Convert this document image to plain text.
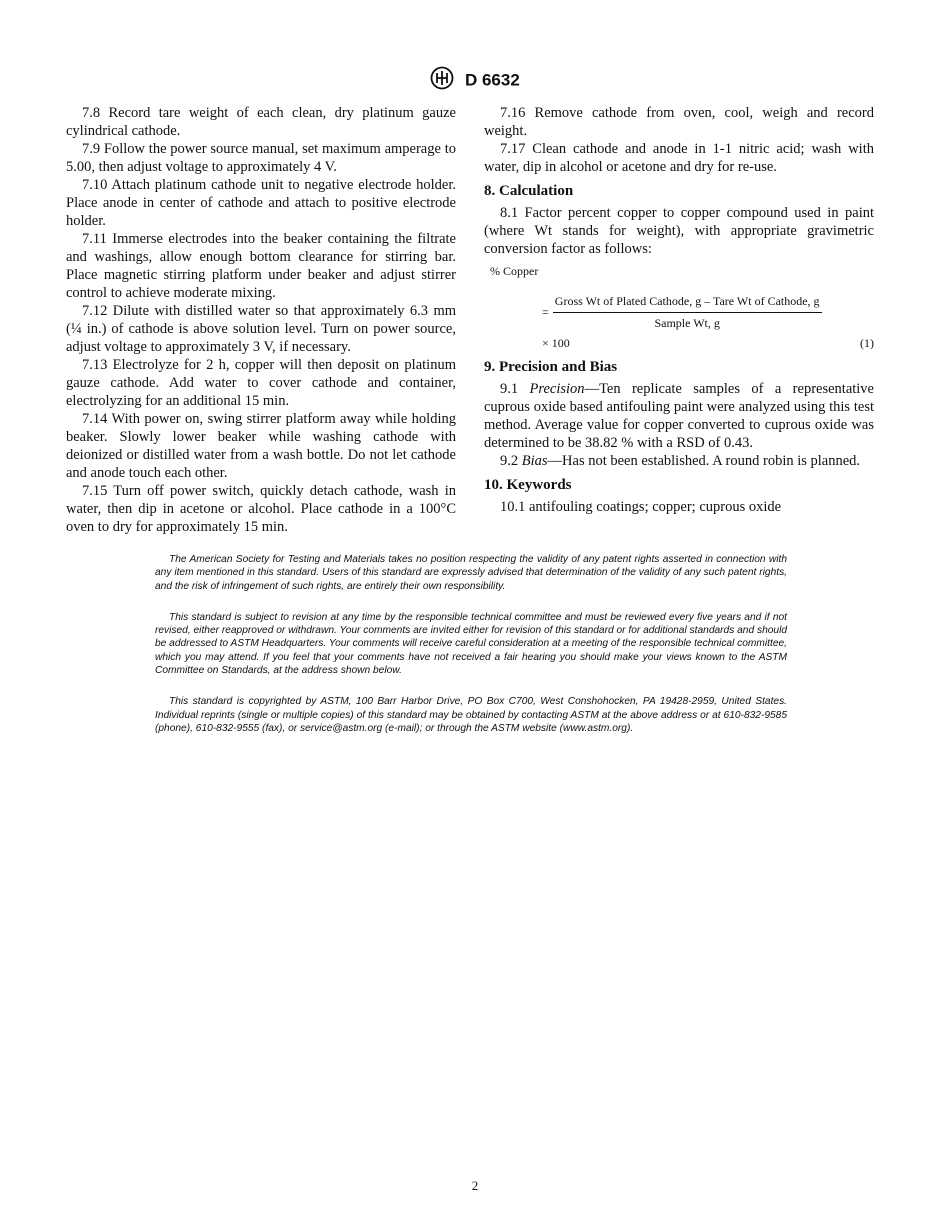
D 6632

7.8 Record tare weight of each clean, dry platinum gauze cylindrical cathode.

7.9 Follow the power source manual, set maximum amperage to 5.00, then adjust voltage to approximately 4 V.

7.10 Attach platinum cathode unit to negative electrode holder. Place anode in center of cathode and attach to positive electrode holder.

7.11 Immerse electrodes into the beaker containing the filtrate and washings, allow enough bottom clearance for stirring bar. Place magnetic stirring platform under beaker and adjust stirrer control to achieve moderate mixing.

7.12 Dilute with distilled water so that approximately 6.3 mm (¼ in.) of cathode is above solution level. Turn on power source, adjust voltage to approximately 3 V, if necessary.

7.13 Electrolyze for 2 h, copper will then deposit on platinum gauze cathode. Add water to cover cathode and container, electrolyzing for an additional 15 min.

7.14 With power on, swing stirrer platform away while holding beaker. Slowly lower beaker while washing cathode with deionized or distilled water from a wash bottle. Do not let cathode and anode touch each other.

7.15 Turn off power switch, quickly detach cathode, wash in water, then dip in acetone or alcohol. Place cathode in a 100°C oven to dry for approximately 15 min.

7.16 Remove cathode from oven, cool, weigh and record weight.

7.17 Clean cathode and anode in 1-1 nitric acid; wash with water, dip in alcohol or acetone and dry for re-use.

8. Calculation

8.1 Factor percent copper to copper compound used in paint (where Wt stands for weight), with appropriate gravimetric conversion factor as follows:

% Copper
= $\frac{\text{Gross Wt of Plated Cathode, g – Tare Wt of Cathode, g}}{\text{Sample Wt, g}}$
× 100	(1)
9. Precision and Bias

9.1 Precision—Ten replicate samples of a representative cuprous oxide based antifouling paint were analyzed using this test method. Average value for copper converted to cuprous oxide was determined to be 38.82 % with a RSD of 0.43.

9.2 Bias—Has not been established. A round robin is planned.

10. Keywords

10.1 antifouling coatings; copper; cuprous oxide

The American Society for Testing and Materials takes no position respecting the validity of any patent rights asserted in connection with any item mentioned in this standard. Users of this standard are expressly advised that determination of the validity of any such patent rights, and the risk of infringement of such rights, are entirely their own responsibility.

This standard is subject to revision at any time by the responsible technical committee and must be reviewed every five years and if not revised, either reapproved or withdrawn. Your comments are invited either for revision of this standard or for additional standards and should be addressed to ASTM Headquarters. Your comments will receive careful consideration at a meeting of the responsible technical committee, which you may attend. If you feel that your comments have not received a fair hearing you should make your views known to the ASTM Committee on Standards, at the address shown below.

This standard is copyrighted by ASTM, 100 Barr Harbor Drive, PO Box C700, West Conshohocken, PA 19428-2959, United States. Individual reprints (single or multiple copies) of this standard may be obtained by contacting ASTM at the above address or at 610-832-9585 (phone), 610-832-9555 (fax), or service@astm.org (e-mail); or through the ASTM website (www.astm.org).

2
